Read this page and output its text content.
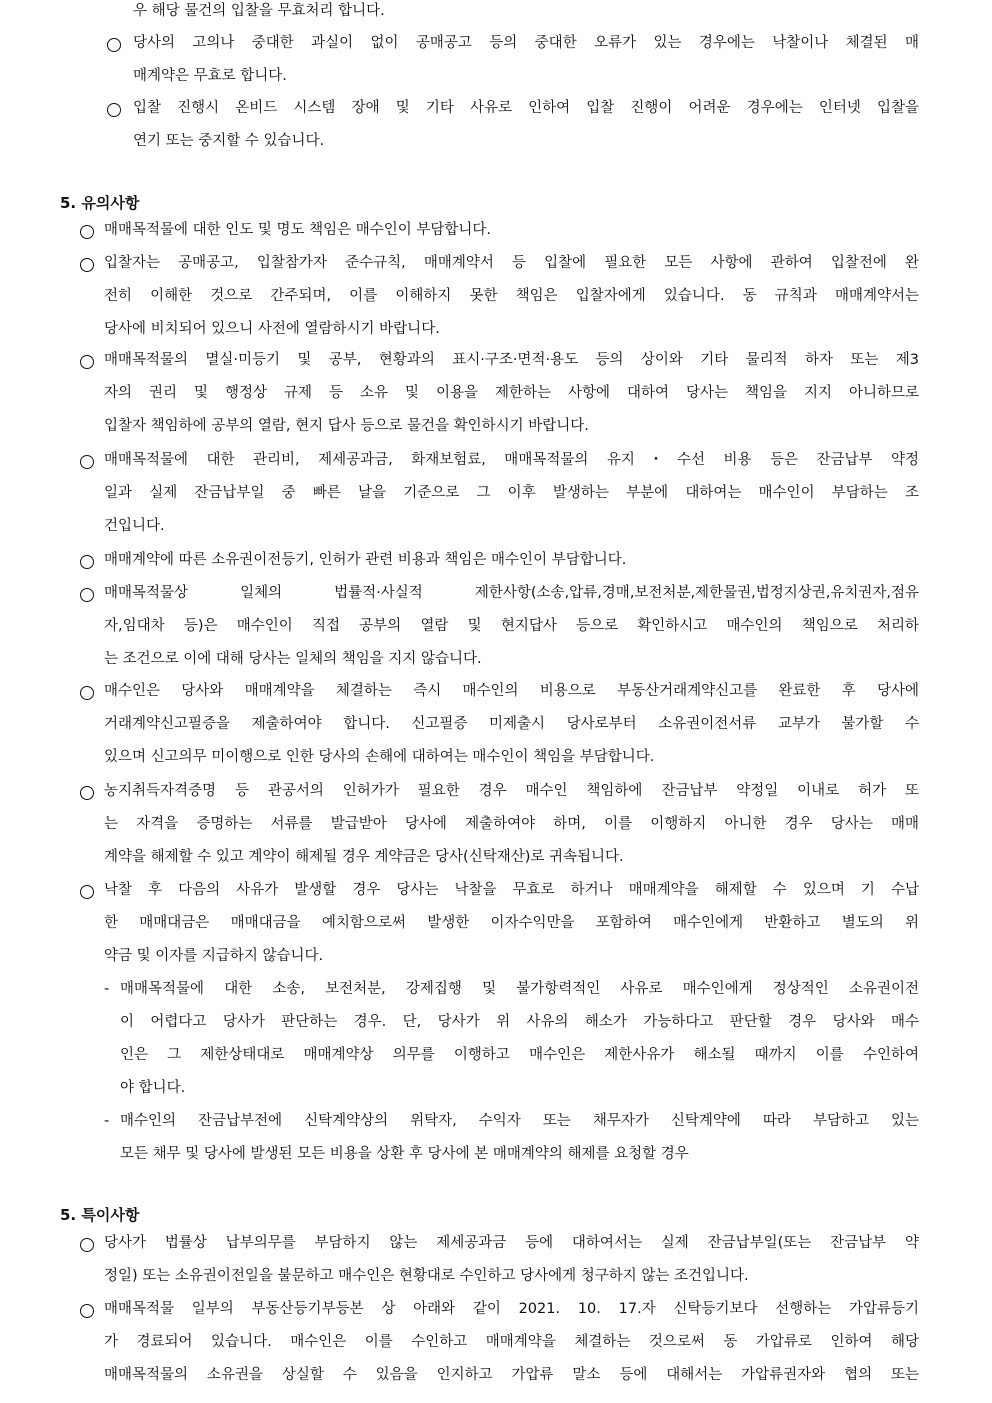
우 해당 물건의 입찰을 무효처리 합니다.
당사의 고의나 중대한 과실이 없이 공매공고 등의 중대한 오류가 있는 경우에는 낙찰이나 체결된 매
매계약은 무효로 합니다.
입찰 진행시 온비드 시스템 장애 및 기타 사유로 인하여 입찰 진행이 어려운 경우에는 인터넷 입찰을
연기 또는 중지할 수 있습니다.
5. 유의사항
매매목적물에 대한 인도 및 명도 책임은 매수인이 부담합니다.
입찰자는 공매공고, 입찰참가자 준수규칙, 매매계약서 등 입찰에 필요한 모든 사항에 관하여 입찰전에 완
전히 이해한 것으로 간주되며, 이를 이해하지 못한 책임은 입찰자에게 있습니다. 동 규칙과 매매계약서는
당사에 비치되어 있으니 사전에 열람하시기 바랍니다.
매매목적물의 멸실·미등기 및 공부, 현황과의 표시·구조·면적·용도 등의 상이와 기타 물리적 하자 또는 제3
자의 권리 및 행정상 규제 등 소유 및 이용을 제한하는 사항에 대하여 당사는 책임을 지지 아니하므로
입찰자 책임하에 공부의 열람, 현지 답사 등으로 물건을 확인하시기 바랍니다.
매매목적물에 대한 관리비, 제세공과금, 화재보험료, 매매목적물의 유지・수선 비용 등은 잔금납부 약정
일과 실제 잔금납부일 중 빠른 날을 기준으로 그 이후 발생하는 부분에 대하여는 매수인이 부담하는 조
건입니다.
매매계약에 따른 소유권이전등기, 인허가 관련 비용과 책임은 매수인이 부담합니다.
매매목적물상 일체의 법률적·사실적 제한사항(소송,압류,경매,보전처분,제한물권,법정지상권,유치권자,점유
자,임대차 등)은 매수인이 직접 공부의 열람 및 현지답사 등으로 확인하시고 매수인의 책임으로 처리하
는 조건으로 이에 대해 당사는 일체의 책임을 지지 않습니다.
매수인은 당사와 매매계약을 체결하는 즉시 매수인의 비용으로 부동산거래계약신고를 완료한 후 당사에
거래계약신고필증을 제출하여야 합니다. 신고필증 미제출시 당사로부터 소유권이전서류 교부가 불가할 수
있으며 신고의무 미이행으로 인한 당사의 손해에 대하여는 매수인이 책임을 부담합니다.
농지취득자격증명 등 관공서의 인허가가 필요한 경우 매수인 책임하에 잔금납부 약정일 이내로 허가 또
는 자격을 증명하는 서류를 발급받아 당사에 제출하여야 하며, 이를 이행하지 아니한 경우 당사는 매매
계약을 해제할 수 있고 계약이 해제될 경우 계약금은 당사(신탁재산)로 귀속됩니다.
낙찰 후 다음의 사유가 발생할 경우 당사는 낙찰을 무효로 하거나 매매계약을 해제할 수 있으며 기 수납
한 매매대금은 매매대금을 예치함으로써 발생한 이자수익만을 포함하여 매수인에게 반환하고 별도의 위
약금 및 이자를 지급하지 않습니다.
- 매매목적물에 대한 소송, 보전처분, 강제집행 및 불가항력적인 사유로 매수인에게 정상적인 소유권이전
이 어렵다고 당사가 판단하는 경우. 단, 당사가 위 사유의 해소가 가능하다고 판단할 경우 당사와 매수
인은 그 제한상태대로 매매계약상 의무를 이행하고 매수인은 제한사유가 해소될 때까지 이를 수인하여
야 합니다.
- 매수인의 잔금납부전에 신탁계약상의 위탁자, 수익자 또는 채무자가 신탁계약에 따라 부담하고 있는
모든 채무 및 당사에 발생된 모든 비용을 상환 후 당사에 본 매매계약의 해제를 요청할 경우
5. 특이사항
당사가 법률상 납부의무를 부담하지 않는 제세공과금 등에 대하여서는 실제 잔금납부일(또는 잔금납부 약
정일) 또는 소유권이전일을 불문하고 매수인은 현황대로 수인하고 당사에게 청구하지 않는 조건입니다.
매매목적물 일부의 부동산등기부등본 상 아래와 같이 2021. 10. 17.자 신탁등기보다 선행하는 가압류등기
가 경료되어 있습니다. 매수인은 이를 수인하고 매매계약을 체결하는 것으로써 동 가압류로 인하여 해당
매매목적물의 소유권을 상실할 수 있음을 인지하고 가압류 말소 등에 대해서는 가압류권자와 협의 또는
